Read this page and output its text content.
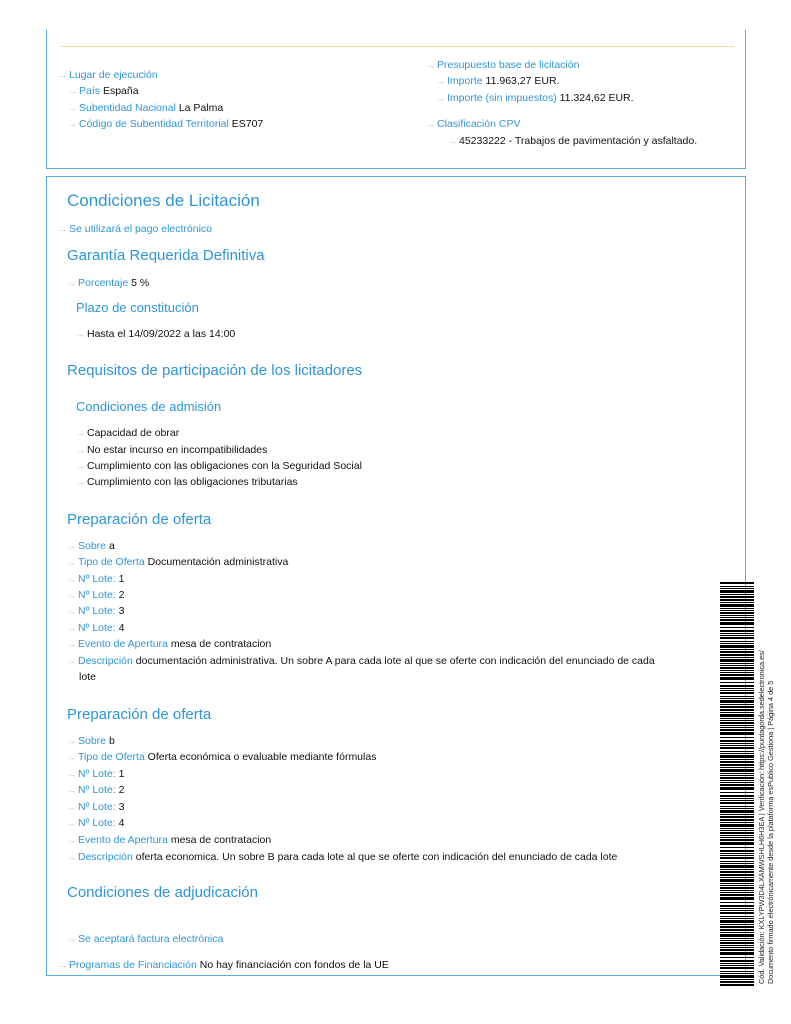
→ Lugar de ejecución
→ País España
→ Subentidad Nacional La Palma
→ Código de Subentidad Territorial ES707
→ Presupuesto base de licitación
→ Importe 11.963,27 EUR.
→ Importe (sin impuestos) 11.324,62 EUR.
→ Clasificación CPV
→ 45233222 - Trabajos de pavimentación y asfaltado.
Condiciones de Licitación
→ Se utilizará el pago electrónico
Garantía Requerida Definitiva
→ Porcentaje 5 %
Plazo de constitución
→ Hasta el 14/09/2022 a las 14:00
Requisitos de participación de los licitadores
Condiciones de admisión
→ Capacidad de obrar
→ No estar incurso en incompatibilidades
→ Cumplimiento con las obligaciones con la Seguridad Social
→ Cumplimiento con las obligaciones tributarias
Preparación de oferta
→ Sobre a
→ Tipo de Oferta Documentación administrativa
→ Nº Lote: 1
→ Nº Lote: 2
→ Nº Lote: 3
→ Nº Lote: 4
→ Evento de Apertura mesa de contratacion
→ Descripción documentación administrativa. Un sobre A para cada lote al que se oferte con indicación del enunciado de cada
lote
Preparación de oferta
→ Sobre b
→ Tipo de Oferta Oferta económica o evaluable mediante fórmulas
→ Nº Lote: 1
→ Nº Lote: 2
→ Nº Lote: 3
→ Nº Lote: 4
→ Evento de Apertura mesa de contratacion
→ Descripción oferta economica. Un sobre B para cada lote al que se oferte con indicación del enunciado de cada lote
Condiciones de adjudicación
→ Se aceptará factura electrónica
→ Programas de Financiación No hay financiación con fondos de la UE	Cód. Validación: KXLYPW3D4LXAMWSHLH6H3EA | Verificación: https://puntagorda.sedelectronica.es/ Documento firmado electrónicamente desde la plataforma esPublico Gestiona | Página 4 de 5
